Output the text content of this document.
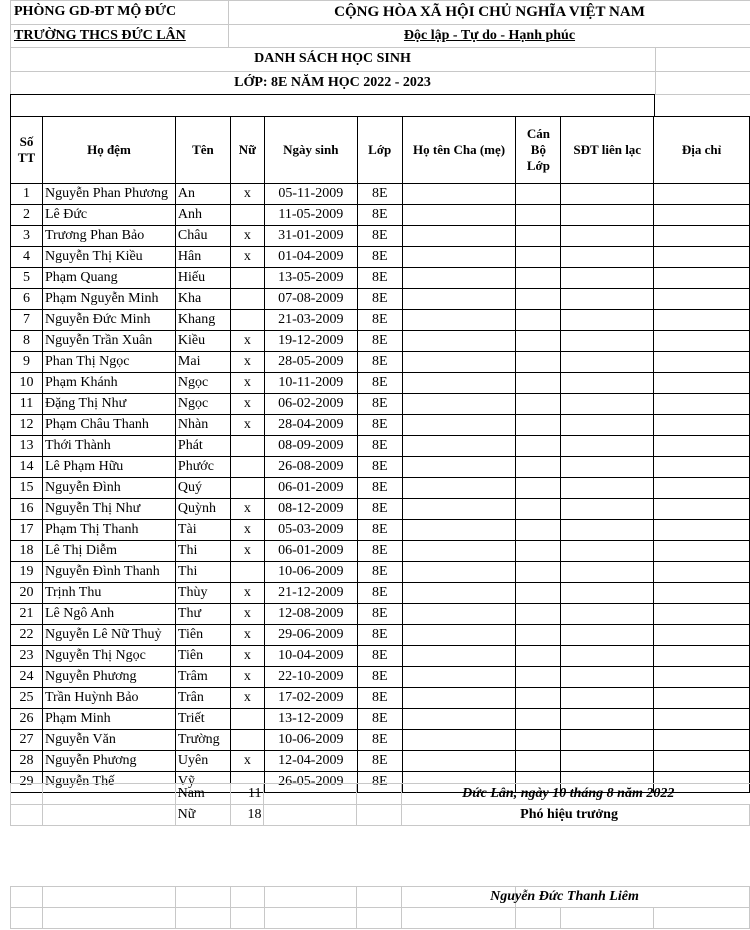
PHÒNG GD-ĐT MỘ ĐỨC
TRƯỜNG THCS ĐỨC LÂN
CỘNG HÒA XÃ HỘI CHỦ NGHĨA VIỆT NAM
Độc lập - Tự do - Hạnh phúc
DANH SÁCH HỌC SINH
LỚP: 8E NĂM HỌC 2022 - 2023
Số TT	Họ đệm	Tên	Nữ	Ngày sinh	Lớp	Họ tên Cha (mẹ)	Cán Bộ Lớp	SĐT liên lạc	Địa chỉ
1	Nguyễn Phan Phương	An	x	05-11-2009	8E				
2	Lê Đức	Anh		11-05-2009	8E				
3	Trương Phan Bảo	Châu	x	31-01-2009	8E				
4	Nguyễn Thị Kiều	Hân	x	01-04-2009	8E				
5	Phạm Quang	Hiếu		13-05-2009	8E				
6	Phạm Nguyễn Minh	Kha		07-08-2009	8E				
7	Nguyễn Đức Minh	Khang		21-03-2009	8E				
8	Nguyễn Trần Xuân	Kiều	x	19-12-2009	8E				
9	Phan Thị Ngọc	Mai	x	28-05-2009	8E				
10	Phạm Khánh	Ngọc	x	10-11-2009	8E				
11	Đặng Thị Như	Ngọc	x	06-02-2009	8E				
12	Phạm Châu Thanh	Nhàn	x	28-04-2009	8E				
13	Thới Thành	Phát		08-09-2009	8E				
14	Lê Phạm Hữu	Phước		26-08-2009	8E				
15	Nguyễn Đình	Quý		06-01-2009	8E				
16	Nguyễn Thị Như	Quỳnh	x	08-12-2009	8E				
17	Phạm Thị Thanh	Tài	x	05-03-2009	8E				
18	Lê Thị Diễm	Thi	x	06-01-2009	8E				
19	Nguyễn Đình Thanh	Thi		10-06-2009	8E				
20	Trịnh Thu	Thùy	x	21-12-2009	8E				
21	Lê Ngô Anh	Thư	x	12-08-2009	8E				
22	Nguyễn Lê Nữ Thuỷ	Tiên	x	29-06-2009	8E				
23	Nguyễn Thị Ngọc	Tiên	x	10-04-2009	8E				
24	Nguyễn Phương	Trâm	x	22-10-2009	8E				
25	Trần Huỳnh Bảo	Trân	x	17-02-2009	8E				
26	Phạm Minh	Triết		13-12-2009	8E				
27	Nguyễn Văn	Trường		10-06-2009	8E				
28	Nguyễn Phương	Uyên	x	12-04-2009	8E				
29	Nguyễn Thế	Vỹ		26-05-2009	8E				
		Nam	11			Đức Lân, ngày 10 tháng 8 năm 2022
		Nữ	18			Phó hiệu trưởng
							Nguyễn Đức Thanh Liêm		
